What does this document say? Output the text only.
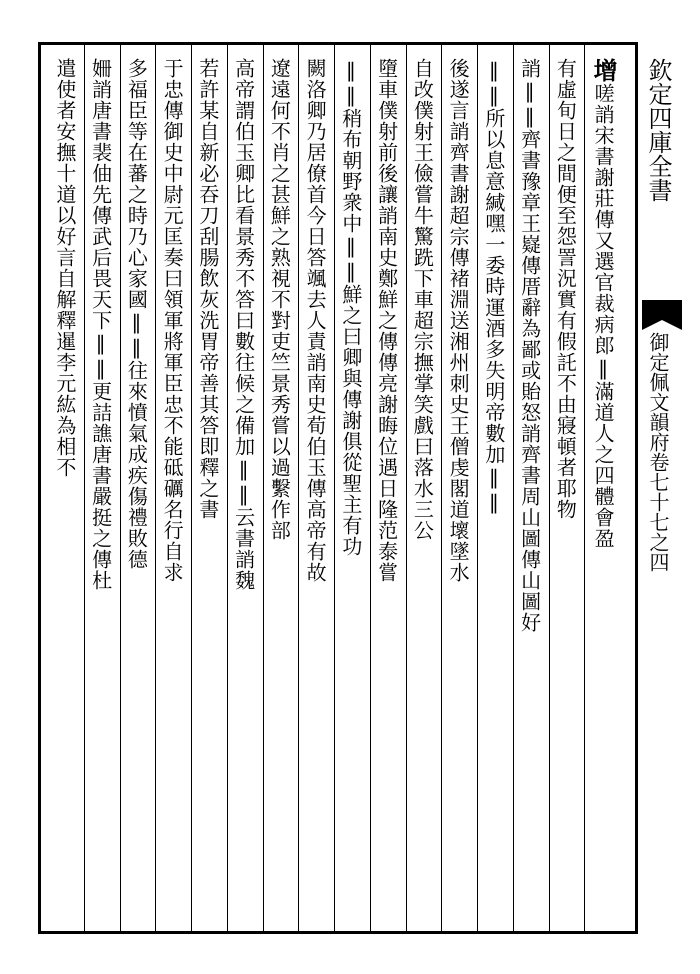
欽定四庫全書
御定佩文韻府卷七十七之四
增嗟誚宋書謝莊傳又選官裁病郎‖滿道人之四體會盈
有虛旬日之間便至怨詈況實有假託不由寢頓者耶物
誚‖‖齊書豫章王嶷傳厝辭為鄙或貽怒誚齊書周山圖傳山圖好
‖‖所以息意緘嘿一委時運酒多失明帝數加‖‖
後遂言誚齊書謝超宗傳褚淵送湘州刺史王僧虔閣道壞墜水
自改僕射王儉嘗牛驚跣下車超宗撫掌笑戲曰落水三公
墮車僕射前後讓誚南史鄭鮮之傳傳亮謝晦位遇日隆范泰嘗
‖‖稍布朝野衆中‖‖鮮之曰卿與傳謝俱從聖主有功
闕洛卿乃居僚首今日答颯去人責誚南史荀伯玉傳高帝有故
遼遠何不肖之甚鮮之熟視不對吏竺景秀嘗以過繫作部
高帝謂伯玉卿比看景秀不答曰數往候之備加‖‖云書誚魏
若許某自新必吞刀刮腸飲灰洗胃帝善其答即釋之書
于忠傳御史中尉元匡奏曰領軍將軍臣忠不能砥礪名行自求
多福臣等在蕃之時乃心家國‖‖往來憤氣成疾傷禮敗德
姍誚唐書裴伷先傳武后畏天下‖‖更詰譙唐書嚴挺之傳杜
遣使者安撫十道以好言自解釋暹李元紘為相不
